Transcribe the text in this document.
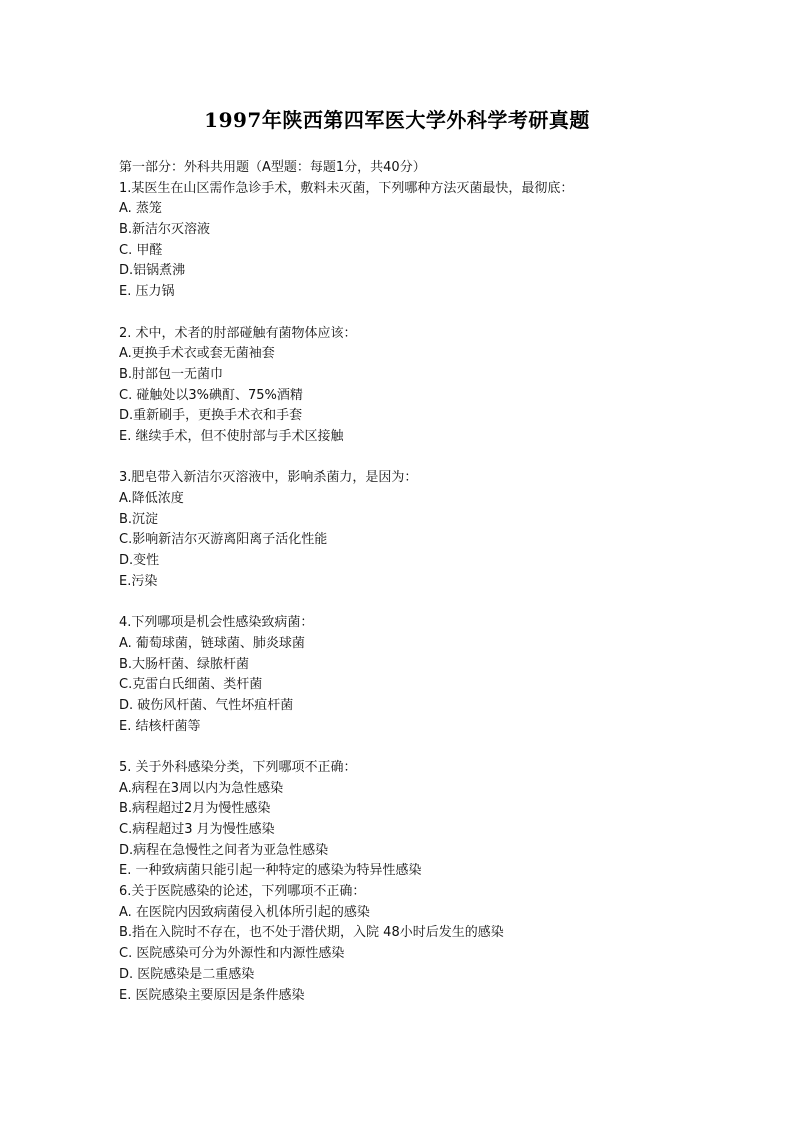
1997年陕西第四军医大学外科学考研真题
第一部分：外科共用题（A型题：每题1分，共40分）
1.某医生在山区需作急诊手术，敷料未灭菌，下列哪种方法灭菌最快，最彻底：
A. 蒸笼
B.新洁尔灭溶液
C. 甲醛
D.铝锅煮沸
E. 压力锅
2. 术中，术者的肘部碰触有菌物体应该：
A.更换手术衣或套无菌袖套
B.肘部包一无菌巾
C. 碰触处以3%碘酊、75%酒精
D.重新刷手，更换手术衣和手套
E. 继续手术，但不使肘部与手术区接触
3.肥皂带入新洁尔灭溶液中，影响杀菌力，是因为：
A.降低浓度
B.沉淀
C.影响新洁尔灭游离阳离子活化性能
D.变性
E.污染
4.下列哪项是机会性感染致病菌：
A. 葡萄球菌，链球菌、肺炎球菌
B.大肠杆菌、绿脓杆菌
C.克雷白氏细菌、类杆菌
D. 破伤风杆菌、气性坏疽杆菌
E. 结核杆菌等
5. 关于外科感染分类，下列哪项不正确：
A.病程在3周以内为急性感染
B.病程超过2月为慢性感染
C.病程超过3 月为慢性感染
D.病程在急慢性之间者为亚急性感染
E. 一种致病菌只能引起一种特定的感染为特异性感染
6.关于医院感染的论述，下列哪项不正确：
A. 在医院内因致病菌侵入机体所引起的感染
B.指在入院时不存在，也不处于潜伏期，入院 48小时后发生的感染
C. 医院感染可分为外源性和内源性感染
D. 医院感染是二重感染
E. 医院感染主要原因是条件感染
